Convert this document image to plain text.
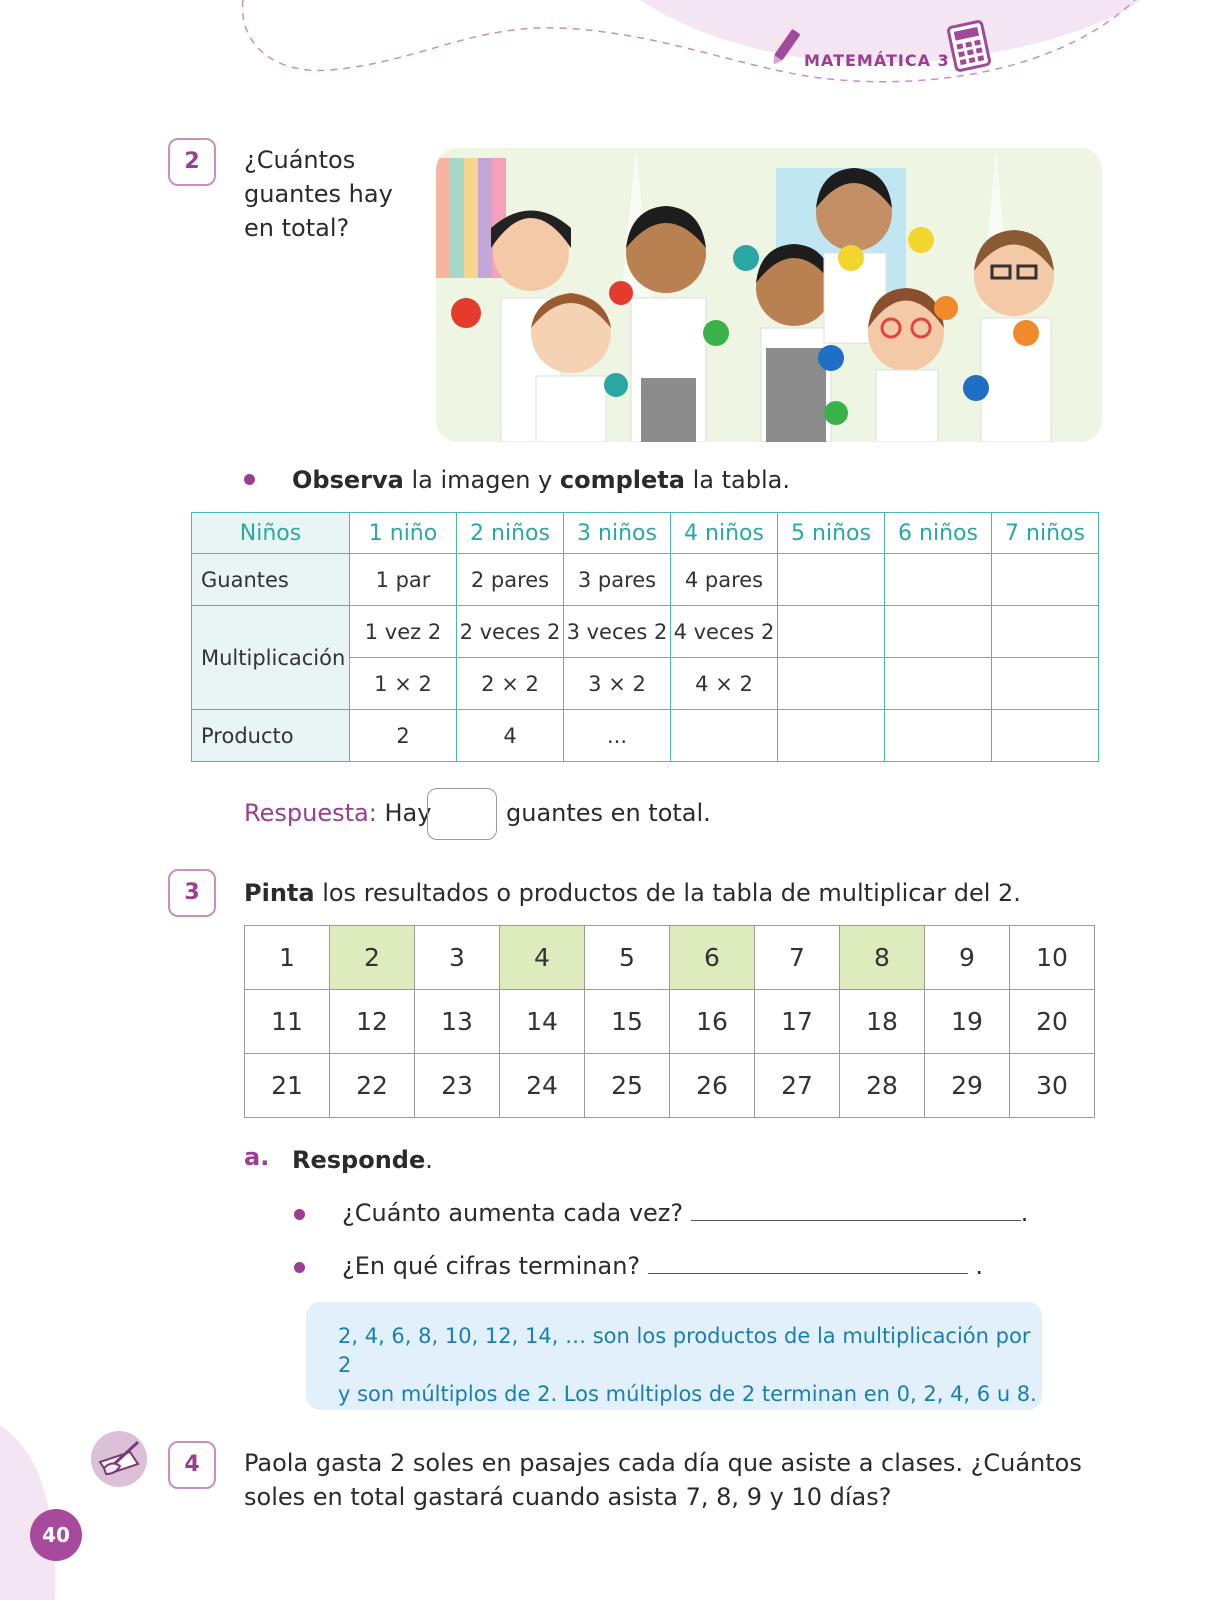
MATEMÁTICA 3
2	¿Cuántos
guantes hay
en total?
Observa la imagen y completa la tabla.
Niños	1 niño	2 niños	3 niños	4 niños	5 niños	6 niños	7 niños
Guantes	1 par	2 pares	3 pares	4 pares			
Multiplicación	1 vez 2	2 veces 2	3 veces 2	4 veces 2			
	1 × 2	2 × 2	3 × 2	4 × 2			
Producto	2	4	...				
Respuesta: Hay	guantes en total.
3	Pinta los resultados o productos de la tabla de multiplicar del 2.
1	2	3	4	5	6	7	8	9	10
11	12	13	14	15	16	17	18	19	20
21	22	23	24	25	26	27	28	29	30
a. Responde.
¿Cuánto aumenta cada vez?	.
¿En qué cifras terminan?	.
2, 4, 6, 8, 10, 12, 14, … son los productos de la multiplicación por 2
y son múltiplos de 2. Los múltiplos de 2 terminan en 0, 2, 4, 6 u 8.
40
4	Paola gasta 2 soles en pasajes cada día que asiste a clases. ¿Cuántos
soles en total gastará cuando asista 7, 8, 9 y 10 días?
